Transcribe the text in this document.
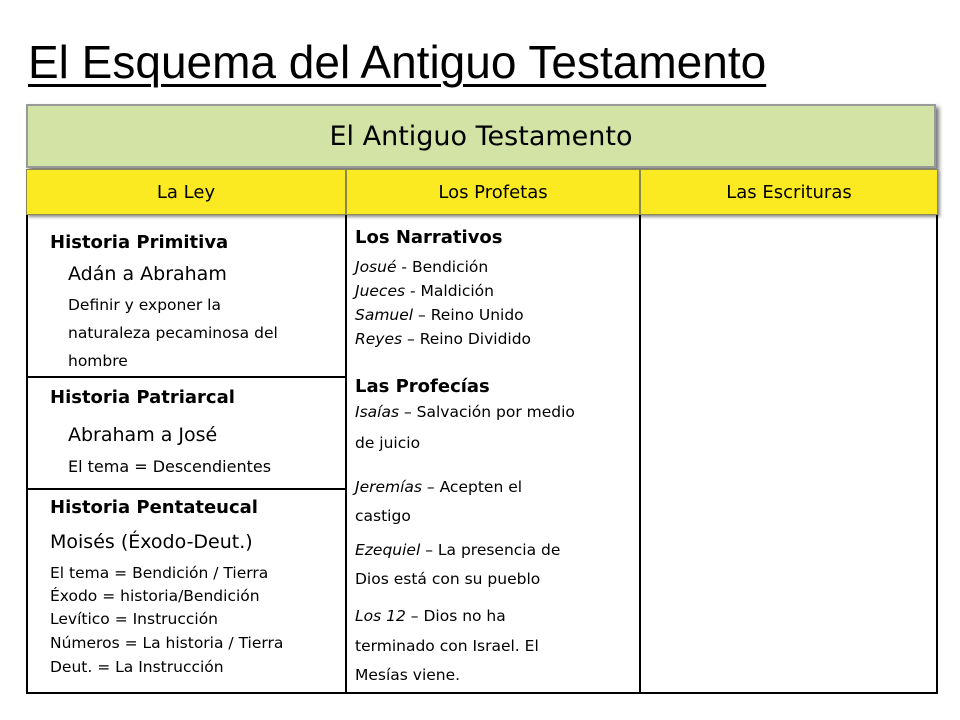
El Esquema del Antiguo Testamento
El Antiguo Testamento
La Ley	Los Profetas	Las Escrituras
Historia Primitiva
Adán a Abraham
Definir y exponer la
naturaleza pecaminosa del
hombre
Historia Patriarcal
Abraham a José
El tema = Descendientes
Historia Pentateucal
Moisés (Éxodo-Deut.)
El tema = Bendición / Tierra
Éxodo = historia/Bendición
Levítico = Instrucción
Números = La historia / Tierra
Deut. = La Instrucción
Los Narrativos
Josué - Bendición
Jueces - Maldición
Samuel – Reino Unido
Reyes – Reino Dividido
Las Profecías
Isaías – Salvación por medio
de juicio
Jeremías – Acepten el
castigo
Ezequiel – La presencia de
Dios está con su pueblo
Los 12 – Dios no ha
terminado con Israel. El
Mesías viene.
